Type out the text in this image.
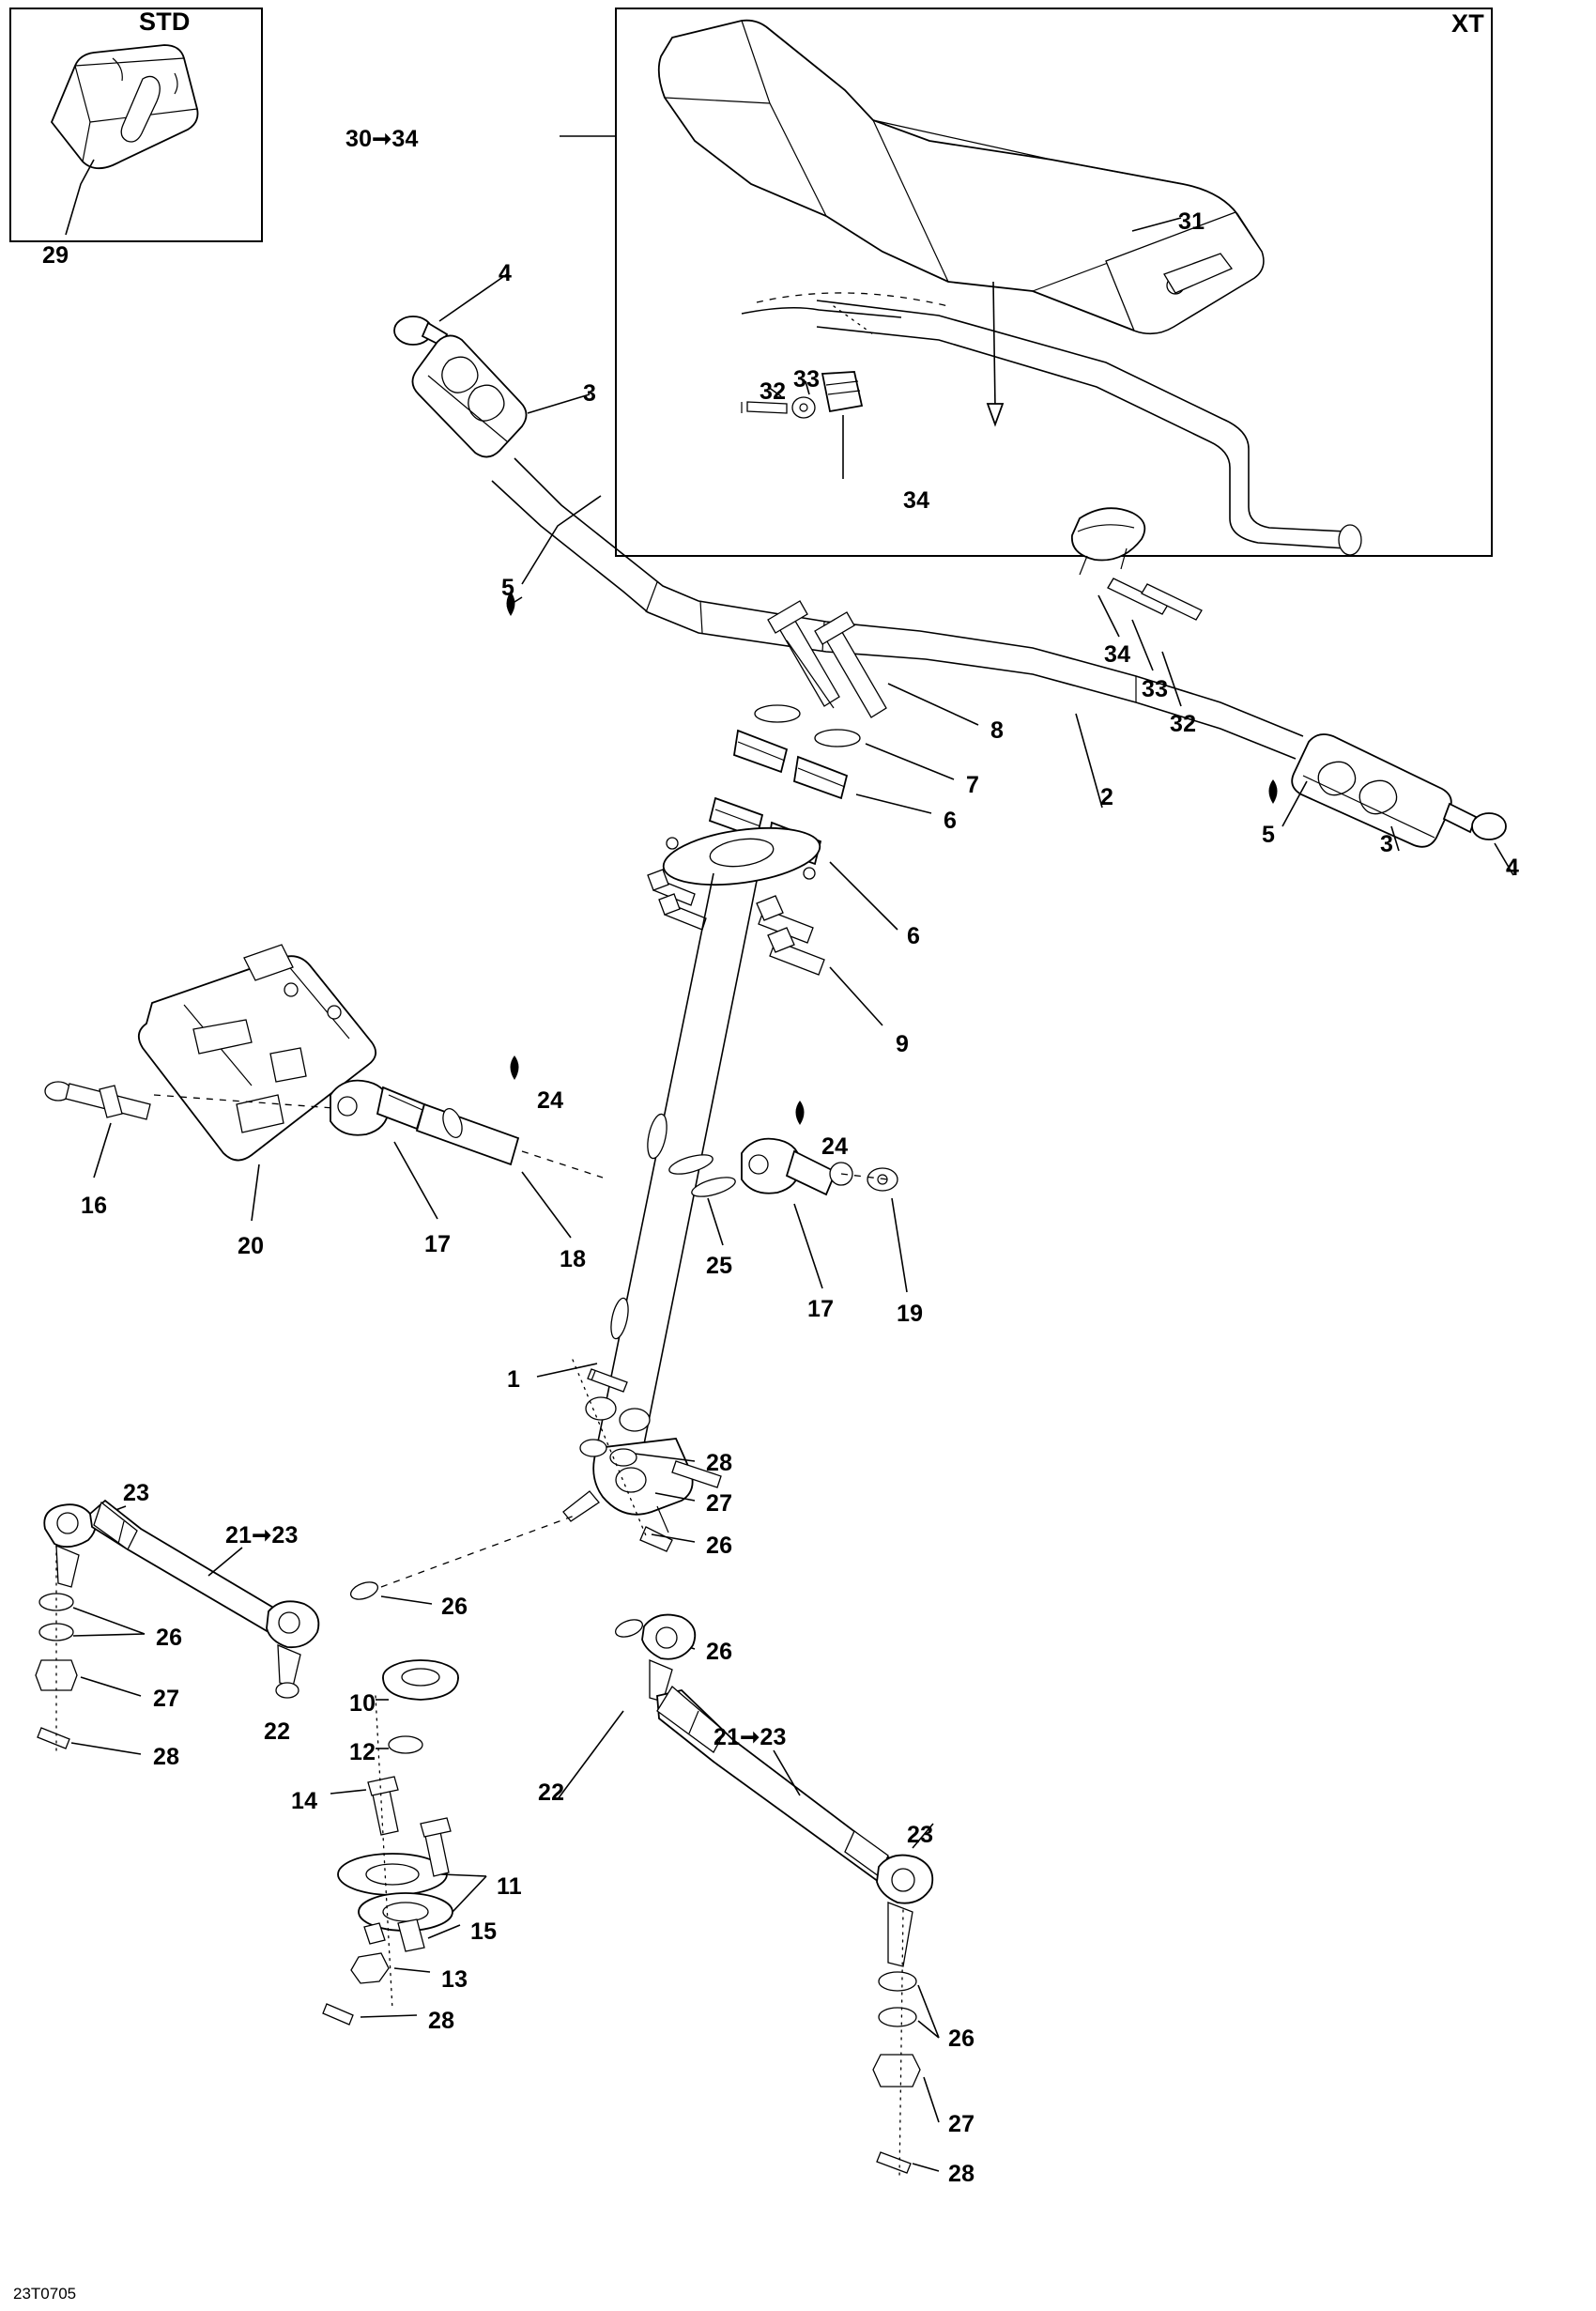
STD	XT
29
30➞34
31
4
3	32 33
34
5
34
33
32
8
7
6
2
5	3
4
6
9
24
24
16
20	17
18	25
17	19
1
28
27
26
23
21➞23
26
26
27
28
22
10
12
14
26
21➞23
22
23
11
15
13
28
26
27
28
23T0705
